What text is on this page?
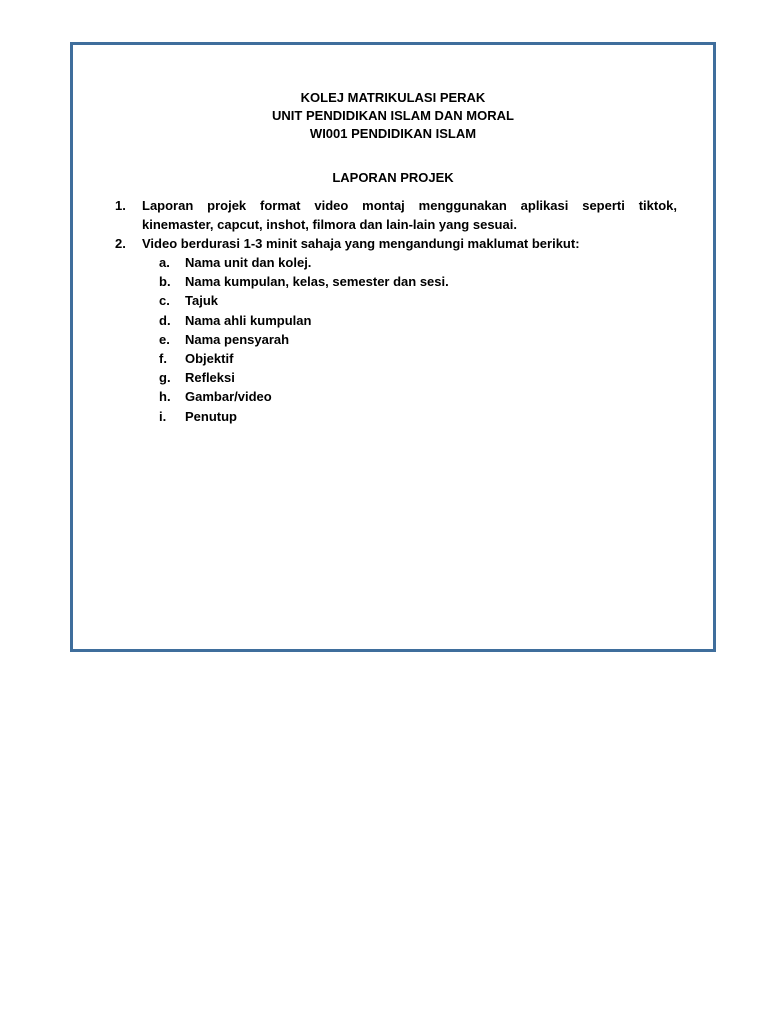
KOLEJ MATRIKULASI PERAK
UNIT PENDIDIKAN ISLAM DAN MORAL
WI001 PENDIDIKAN ISLAM
LAPORAN PROJEK
1. Laporan projek format video montaj menggunakan aplikasi seperti tiktok,
kinemaster, capcut, inshot, filmora dan lain-lain yang sesuai.
2. Video berdurasi 1-3 minit sahaja yang mengandungi maklumat berikut:
a. Nama unit dan kolej.
b. Nama kumpulan, kelas, semester dan sesi.
c. Tajuk
d. Nama ahli kumpulan
e. Nama pensyarah
f. Objektif
g. Refleksi
h. Gambar/video
i. Penutup
